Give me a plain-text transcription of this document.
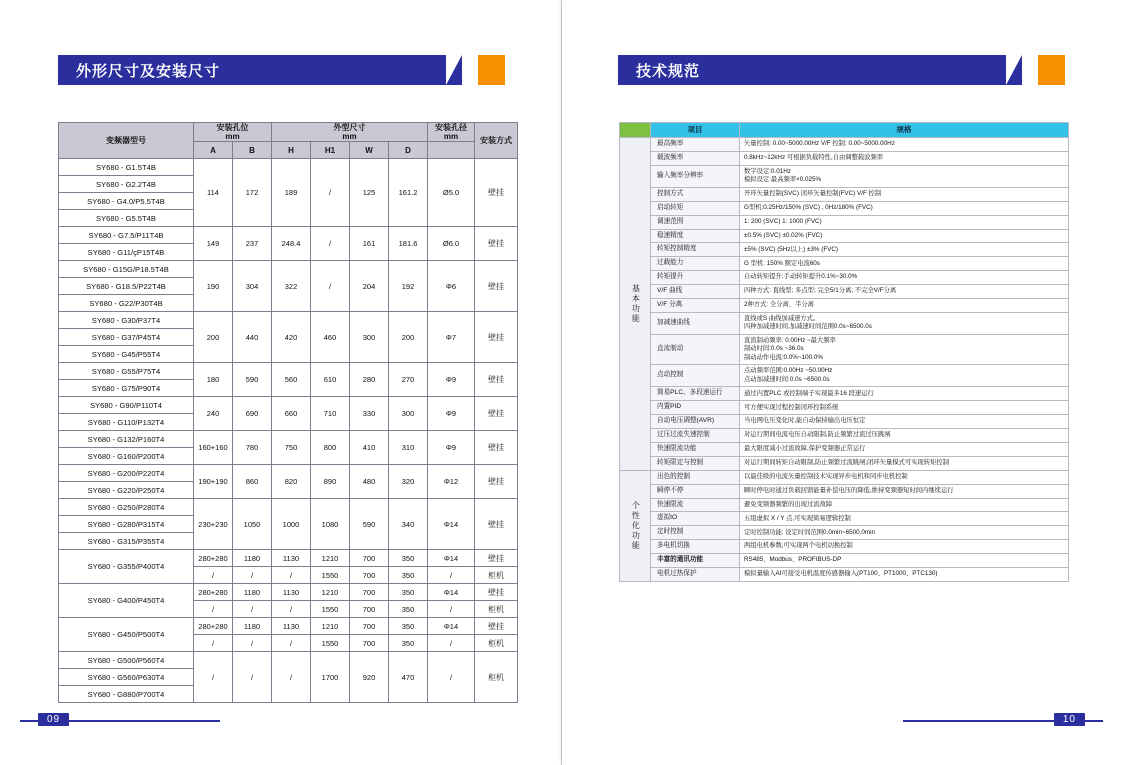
外形尺寸及安装尺寸
变频器型号	安装孔位
mm		外型尺寸
mm				安装孔径
mm	安装方式
	A	B	H	H1	W	D		
SY680 - G1.5T4B	114	172	189	/	125	161.2	Ø5.0	壁挂
SY680 - G2.2T4B								
SY680 - G4.0/P5.5T4B								
SY680 - G5.5T4B								
SY680 - G7.5/P11T4B	149	237	248.4	/	161	181.6	Ø6.0	壁挂
SY680 - G11/çP15T4B								
SY680 - G15G/P18.5T4B	190	304	322	/	204	192	Φ6	壁挂
SY680 - G18.5/P22T4B								
SY680 - G22/P30T4B								
SY680 - G30/P37T4	200	440	420	460	300	200	Φ7	壁挂
SY680 - G37/P45T4								
SY680 - G45/P55T4								
SY680 - G55/P75T4	180	590	560	610	280	270	Φ9	壁挂
SY680 - G75/P90T4								
SY680 - G90/P110T4	240	690	660	710	330	300	Φ9	壁挂
SY680 - G110/P132T4								
SY680 - G132/P160T4	160+160	780	750	800	410	310	Φ9	壁挂
SY680 - G160/P200T4								
SY680 - G200/P220T4	190+190	860	820	890	480	320	Φ12	壁挂
SY680 - G220/P250T4								
SY680 - G250/P280T4	230+230	1050	1000	1080	590	340	Φ14	壁挂
SY680 - G280/P315T4								
SY680 - G315/P355T4								
SY680 - G355/P400T4	280+280	1180	1130	1210	700	350	Φ14	壁挂
	/	/	/	1550	700	350	/	柜机
SY680 - G400/P450T4	280+280	1180	1130	1210	700	350	Φ14	壁挂
	/	/	/	1550	700	350	/	柜机
SY680 - G450/P500T4	280+280	1180	1130	1210	700	350	Φ14	壁挂
	/	/	/	1550	700	350	/	柜机
SY680 - G500/P560T4	/	/	/	1700	920	470	/	柜机
SY680 - G560/P630T4								
SY680 - G880/P700T4								
09
技术规范
	项目	规格
基本功能	最高频率	矢量控制: 0.00~5000.00Hz V/F 控制: 0.00~5000.00Hz

	载波频率	0.8kHz~12kHz 可根据负载特性,自由调整载波频率

	输入频率分辨率	数字设定:0.01Hz
模拟设定:最高频率×0.025%

	控制方式	开环矢量控制(SVC) 闭环矢量控制(FVC) V/F 控制

	启动转矩	G型机:0.25Hz/150% (SVC) , 0Hz/180% (FVC)

	调速范围	1: 200 (SVC) 1: 1000 (FVC)

	稳速精度	±0.5% (SVC) ±0.02% (FVC)

	转矩控制精度	±5% (SVC) (5Hz以上) ±3% (FVC)

	过载能力	G 型机: 150% 额定电流60s

	转矩提升	自动转矩提升;手动转矩提升0.1%~30.0%

	V/F 曲线	四种方式: 直线型; 多点型; 完全5/1分离; 不完全V/F分离

	V/F 分离	2种方式: 全分离、半分离

	加减速曲线	直线或S 曲线加减速方式。
四种加减速时间,加减速时间范围0.0s~6500.0s

	直流制动	直流制动频率: 0.00Hz ~最大频率
制动时间:0.0s ~36.0s
制动动作电流:0.0%~100.0%

	点动控制	点动频率范围:0.00Hz ~50.00Hz
点动加减速时间:0.0s ~6500.0s

	简易PLC、多段速运行	通过内置PLC 或控制端子实现最多16 段速运行

	内置PID	可方便实现过程控制闭环控制系统

	自动电压调整(AVR)	当电网电压变化时,能自动保持输出电压恒定

	过压过流失速控制	对运行期间电流电压自动限制,防止频繁过流过压跳闸

	快速限流功能	最大限度减小过流故障,保护变频器正常运行

	转矩限定与控制	对运行期间转矩自动限制,防止频繁过流跳闸;闭环矢量模式可实现转矩控制

个性化功能	出色的控制	以最佳级的电流矢量控制技术实现异步电机和同步电机控制

	瞬停不停	瞬时停电时通过负载回馈能量补偿电压的降低,维持变频器短时间内继续运行

	快速限流	避免变频器频繁的出现过流故障

	虚拟IO	五组虚拟 X / Y 点,可实现简易逻辑控制

	定时控制	定时控制功能: 设定时间范围0.0min~6500.0min

	多电机切换	两组电机参数,可实现两个电机切换控制

	丰富的通讯功能	RS485、Modbus、PROFIBUS-DP

	电机过热保护	模拟量输入AI可接受电机温度传感器输入(PT100、PT1000、PTC130)
10
